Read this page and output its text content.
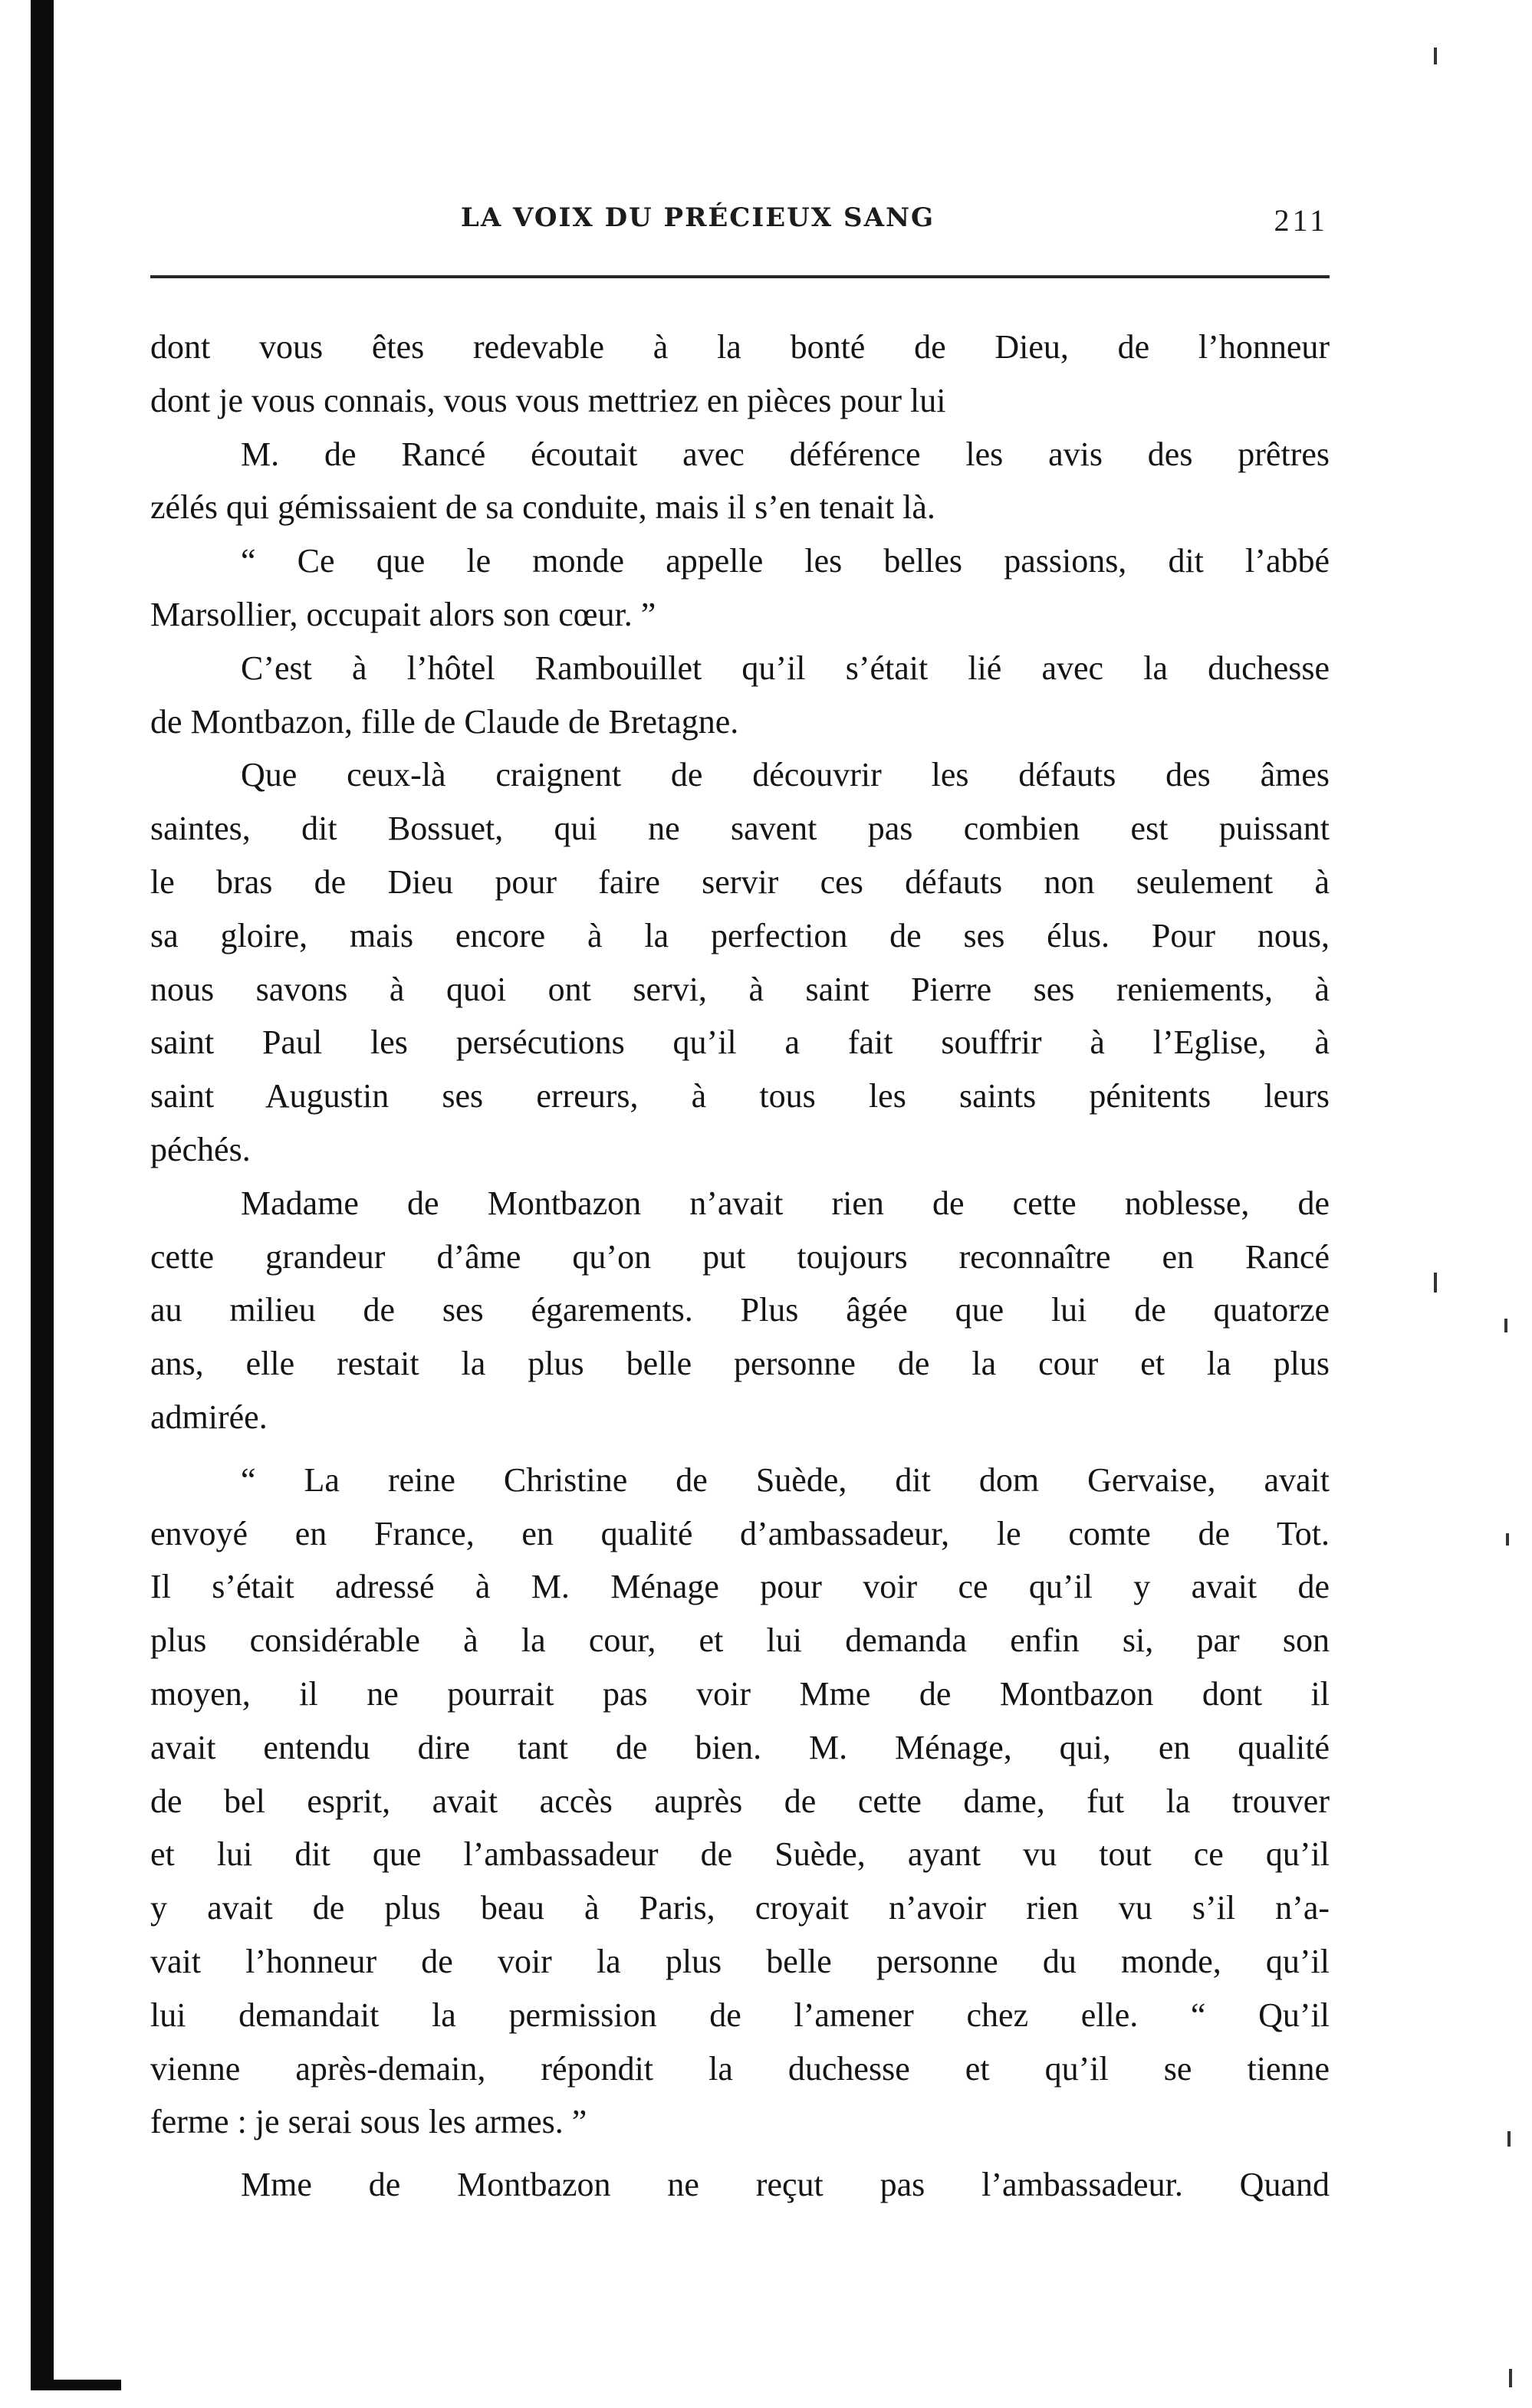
LA VOIX DU PRÉCIEUX SANG	211
dont vous êtes redevable à la bonté de Dieu, de l’honneur
dont je vous connais, vous vous mettriez en pièces pour lui
M. de Rancé écoutait avec déférence les avis des prêtres
zélés qui gémissaient de sa conduite, mais il s’en tenait là.
“ Ce que le monde appelle les belles passions, dit l’abbé
Marsollier, occupait alors son cœur. ”
C’est à l’hôtel Rambouillet qu’il s’était lié avec la duchesse
de Montbazon, fille de Claude de Bretagne.
Que ceux-là craignent de découvrir les défauts des âmes
saintes, dit Bossuet, qui ne savent pas combien est puissant
le bras de Dieu pour faire servir ces défauts non seulement à
sa gloire, mais encore à la perfection de ses élus. Pour nous,
nous savons à quoi ont servi, à saint Pierre ses reniements, à
saint Paul les persécutions qu’il a fait souffrir à l’Eglise, à
saint Augustin ses erreurs, à tous les saints pénitents leurs
péchés.
Madame de Montbazon n’avait rien de cette noblesse, de
cette grandeur d’âme qu’on put toujours reconnaître en Rancé
au milieu de ses égarements. Plus âgée que lui de quatorze
ans, elle restait la plus belle personne de la cour et la plus
admirée.
“ La reine Christine de Suède, dit dom Gervaise, avait
envoyé en France, en qualité d’ambassadeur, le comte de Tot.
Il s’était adressé à M. Ménage pour voir ce qu’il y avait de
plus considérable à la cour, et lui demanda enfin si, par son
moyen, il ne pourrait pas voir Mme de Montbazon dont il
avait entendu dire tant de bien. M. Ménage, qui, en qualité
de bel esprit, avait accès auprès de cette dame, fut la trouver
et lui dit que l’ambassadeur de Suède, ayant vu tout ce qu’il
y avait de plus beau à Paris, croyait n’avoir rien vu s’il n’a-
vait l’honneur de voir la plus belle personne du monde, qu’il
lui demandait la permission de l’amener chez elle. “ Qu’il
vienne après-demain, répondit la duchesse et qu’il se tienne
ferme : je serai sous les armes. ”
Mme de Montbazon ne reçut pas l’ambassadeur. Quand
